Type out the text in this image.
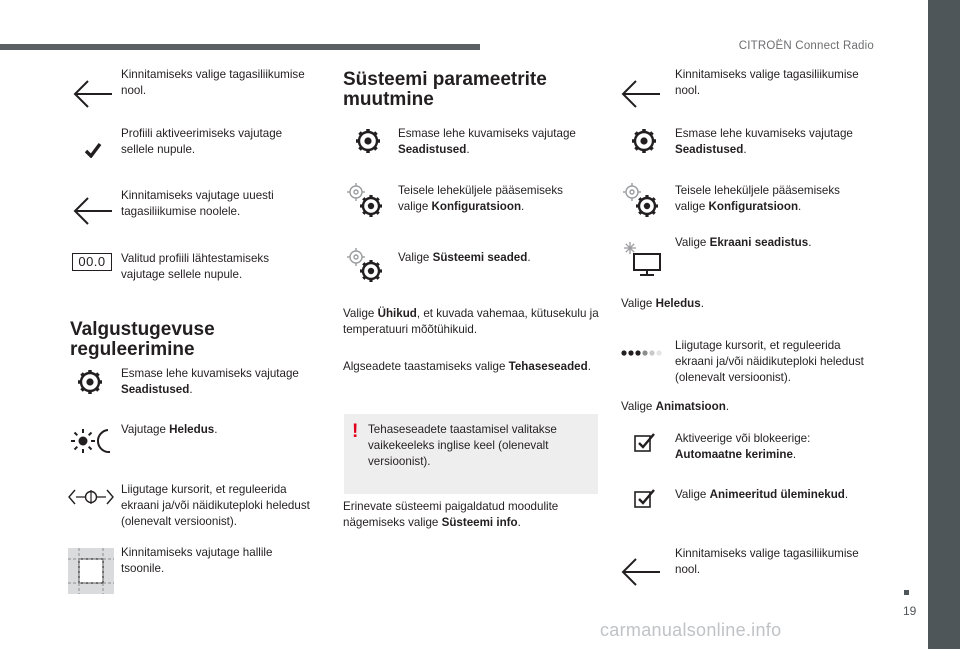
CITROËN Connect Radio
19
carmanualsonline.info
Kinnitamiseks valige tagasiliikumise nool.
Profiili aktiveerimiseks vajutage sellele nupule.
Kinnitamiseks vajutage uuesti tagasiliikumise noolele.
00.0	Valitud profiili lähtestamiseks vajutage sellele nupule.
Valgustugevuse
reguleerimine
Esmase lehe kuvamiseks vajutage Seadistused.
Vajutage Heledus.
Liigutage kursorit, et reguleerida ekraani ja/või näidikuteploki heledust (olenevalt versioonist).
Kinnitamiseks vajutage hallile tsoonile.
Süsteemi parameetrite
muutmine
Esmase lehe kuvamiseks vajutage Seadistused.
Teisele leheküljele pääsemiseks valige Konfiguratsioon.
Valige Süsteemi seaded.
Valige Ühikud, et kuvada vahemaa, kütusekulu ja temperatuuri mõõtühikuid.
Algseadete taastamiseks valige Tehaseseaded.
! Tehaseseadete taastamisel valitakse vaikekeeleks inglise keel (olenevalt versioonist).
Erinevate süsteemi paigaldatud moodulite nägemiseks valige Süsteemi info.
Kinnitamiseks valige tagasiliikumise nool.
Esmase lehe kuvamiseks vajutage Seadistused.
Teisele leheküljele pääsemiseks valige Konfiguratsioon.
Valige Ekraani seadistus.
Valige Heledus.
Liigutage kursorit, et reguleerida ekraani ja/või näidikuteploki heledust (olenevalt versioonist).
Valige Animatsioon.
Aktiveerige või blokeerige: Automaatne kerimine.
Valige Animeeritud üleminekud.
Kinnitamiseks valige tagasiliikumise nool.
